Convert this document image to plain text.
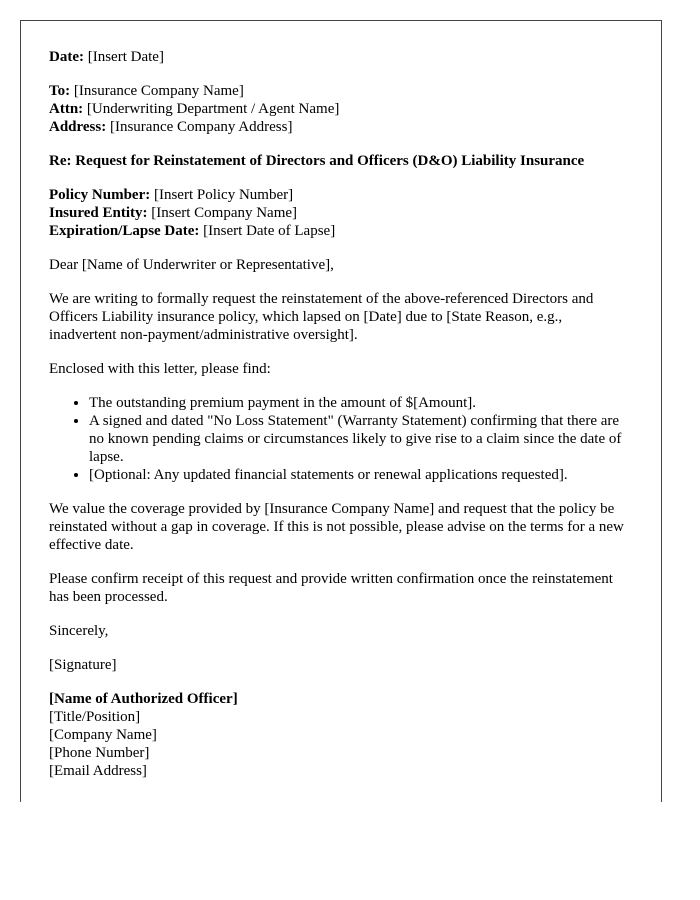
Date: [Insert Date]

To: [Insurance Company Name]
Attn: [Underwriting Department / Agent Name]
Address: [Insurance Company Address]

Re: Request for Reinstatement of Directors and Officers (D&O) Liability Insurance

Policy Number: [Insert Policy Number]
Insured Entity: [Insert Company Name]
Expiration/Lapse Date: [Insert Date of Lapse]

Dear [Name of Underwriter or Representative],

We are writing to formally request the reinstatement of the above-referenced Directors and Officers Liability insurance policy, which lapsed on [Date] due to [State Reason, e.g., inadvertent non-payment/administrative oversight].

Enclosed with this letter, please find:

• The outstanding premium payment in the amount of $[Amount].
• A signed and dated "No Loss Statement" (Warranty Statement) confirming that there are no known pending claims or circumstances likely to give rise to a claim since the date of lapse.
• [Optional: Any updated financial statements or renewal applications requested].

We value the coverage provided by [Insurance Company Name] and request that the policy be reinstated without a gap in coverage. If this is not possible, please advise on the terms for a new effective date.

Please confirm receipt of this request and provide written confirmation once the reinstatement has been processed.

Sincerely,

[Signature]

[Name of Authorized Officer]
[Title/Position]
[Company Name]
[Phone Number]
[Email Address]
